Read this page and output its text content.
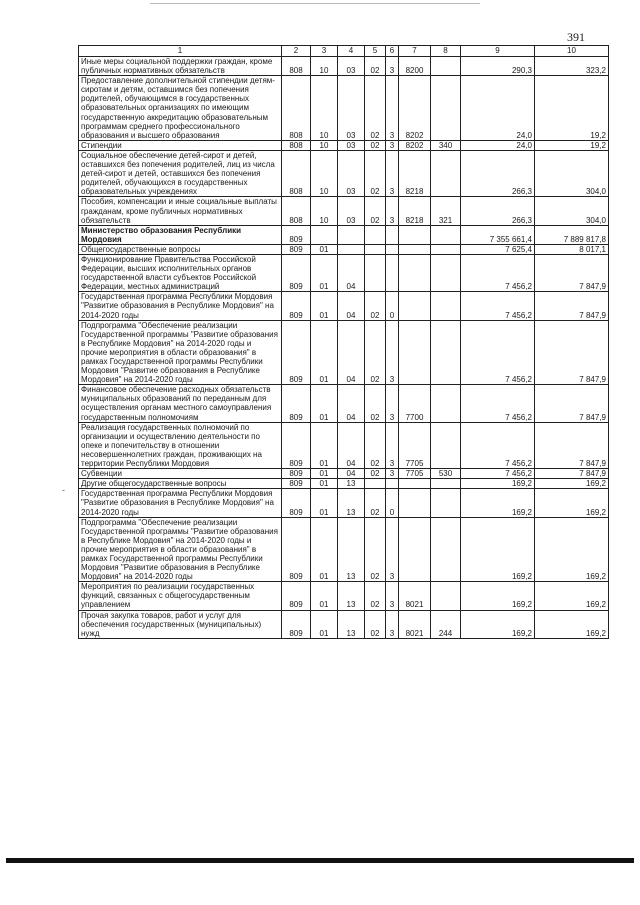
391
-
1	2	3	4	5	6	7	8	9	10
Иные меры социальной поддержки граждан, кроме публичных нормативных обязательств	808	10	03	02	3	8200		290,3	323,2
Предоставление дополнительной стипендии детям-сиротам и детям, оставшимся без попечения родителей, обучающимся в государственных образовательных организациях по имеющим государственную аккредитацию образовательным программам среднего профессионального образования и высшего образования	808	10	03	02	3	8202		24,0	19,2
Стипендии	808	10	03	02	3	8202	340	24,0	19,2
Социальное обеспечение детей-сирот и детей, оставшихся без попечения родителей, лиц из числа детей-сирот и детей, оставшихся без попечения родителей, обучающихся в государственных образовательных учреждениях	808	10	03	02	3	8218		266,3	304,0
Пособия, компенсации и иные социальные выплаты гражданам, кроме публичных нормативных обязательств	808	10	03	02	3	8218	321	266,3	304,0
Министерство образования Республики Мордовия	809							7 355 661,4	7 889 817,8
Общегосударственные вопросы	809	01						7 625,4	8 017,1
Функционирование Правительства Российской Федерации, высших исполнительных органов государственной власти субъектов Российской Федерации, местных администраций	809	01	04					7 456,2	7 847,9
Государственная программа Республики Мордовия "Развитие образования в Республике Мордовия" на 2014-2020 годы	809	01	04	02	0			7 456,2	7 847,9
Подпрограмма "Обеспечение реализации Государственной программы "Развитие образования в Республике Мордовия" на 2014-2020 годы и прочие мероприятия в области образования" в рамках Государственной программы Республики Мордовия "Развитие образования в Республике Мордовия" на 2014-2020 годы	809	01	04	02	3			7 456,2	7 847,9
Финансовое обеспечение расходных обязательств муниципальных образований по переданным для осуществления органам местного самоуправления государственным полномочиям	809	01	04	02	3	7700		7 456,2	7 847,9
Реализация государственных полномочий по организации и осуществлению деятельности по опеке и попечительству в отношении несовершеннолетних граждан, проживающих на территории Республики Мордовия	809	01	04	02	3	7705		7 456,2	7 847,9
Субвенции	809	01	04	02	3	7705	530	7 456,2	7 847,9
Другие общегосударственные вопросы	809	01	13					169,2	169,2
Государственная программа Республики Мордовия "Развитие образования в Республике Мордовия" на 2014-2020 годы	809	01	13	02	0			169,2	169,2
Подпрограмма "Обеспечение реализации Государственной программы "Развитие образования в Республике Мордовия" на 2014-2020 годы и прочие мероприятия в области образования" в рамках Государственной программы Республики Мордовия "Развитие образования в Республике Мордовия" на 2014-2020 годы	809	01	13	02	3			169,2	169,2
Мероприятия по реализации государственных функций, связанных с общегосударственным управлением	809	01	13	02	3	8021		169,2	169,2
Прочая закупка товаров, работ и услуг для обеспечения государственных (муниципальных) нужд	809	01	13	02	3	8021	244	169,2	169,2
